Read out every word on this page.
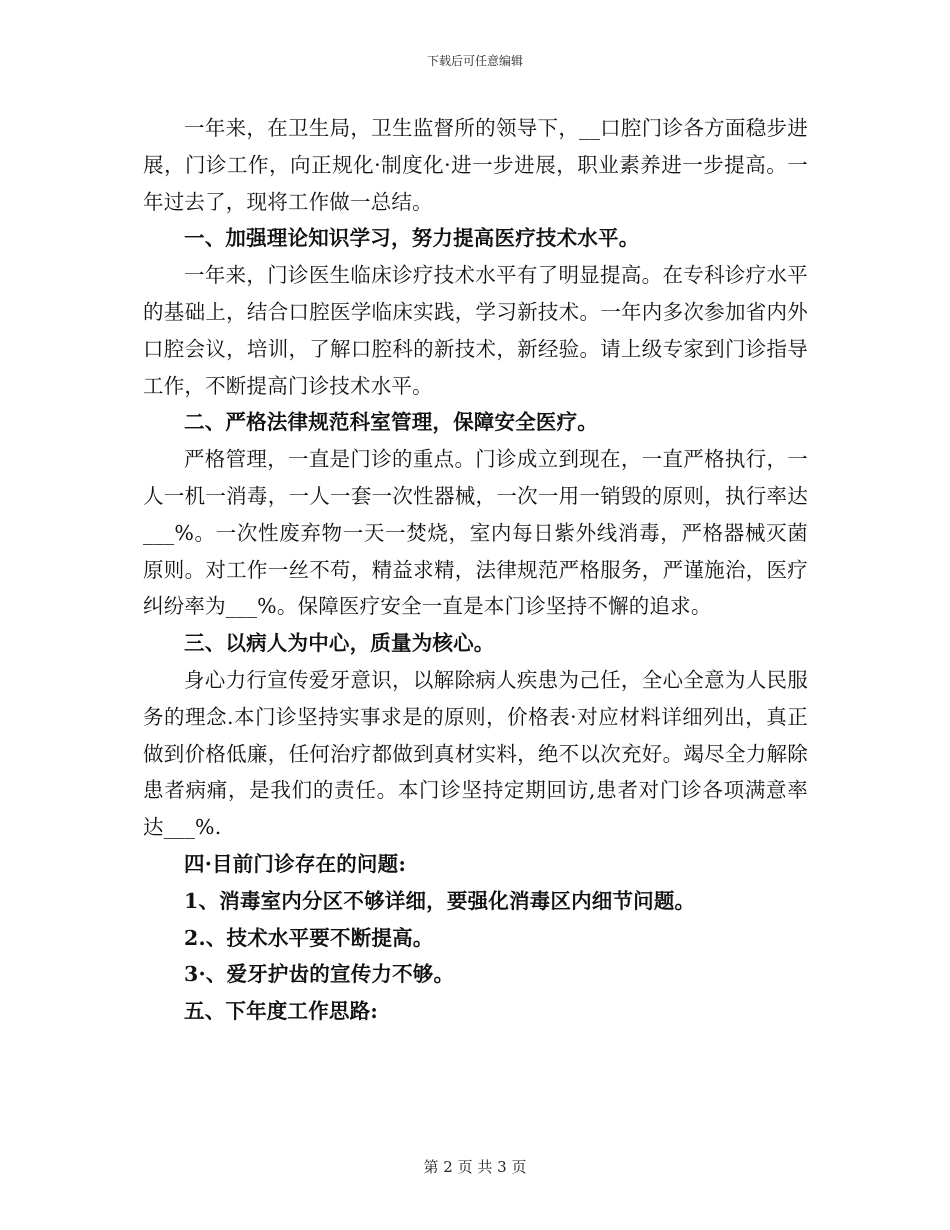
下载后可任意编辑

一年来，在卫生局，卫生监督所的领导下，__口腔门诊各方面稳步进展，门诊工作，向正规化·制度化·进一步进展，职业素养进一步提高。一年过去了，现将工作做一总结。

一、加强理论知识学习，努力提高医疗技术水平。

一年来，门诊医生临床诊疗技术水平有了明显提高。在专科诊疗水平的基础上，结合口腔医学临床实践，学习新技术。一年内多次参加省内外口腔会议，培训，了解口腔科的新技术，新经验。请上级专家到门诊指导工作，不断提高门诊技术水平。

二、严格法律规范科室管理，保障安全医疗。

严格管理，一直是门诊的重点。门诊成立到现在，一直严格执行，一人一机一消毒，一人一套一次性器械，一次一用一销毁的原则，执行率达___%。一次性废弃物一天一焚烧，室内每日紫外线消毒，严格器械灭菌原则。对工作一丝不苟，精益求精，法律规范严格服务，严谨施治，医疗纠纷率为___%。保障医疗安全一直是本门诊坚持不懈的追求。

三、以病人为中心，质量为核心。

身心力行宣传爱牙意识，以解除病人疾患为己任，全心全意为人民服务的理念.本门诊坚持实事求是的原则，价格表·对应材料详细列出，真正做到价格低廉，任何治疗都做到真材实料，绝不以次充好。竭尽全力解除患者病痛，是我们的责任。本门诊坚持定期回访,患者对门诊各项满意率达___%.

四·目前门诊存在的问题:

1、消毒室内分区不够详细，要强化消毒区内细节问题。

2.、技术水平要不断提高。

3·、爱牙护齿的宣传力不够。

五、下年度工作思路:

第 2 页 共 3 页
